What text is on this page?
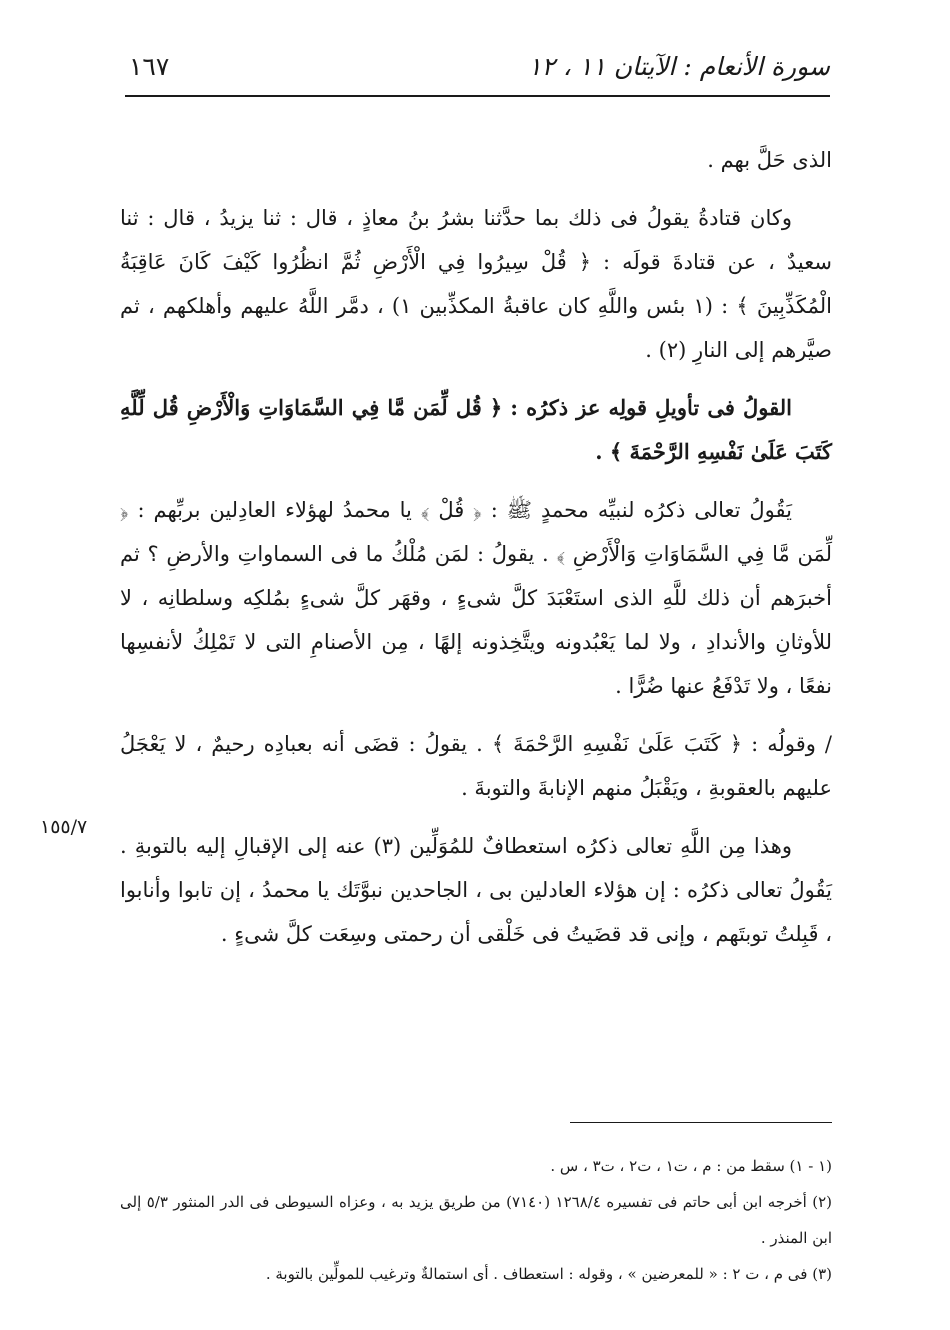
سورة الأنعام : الآيتان ١١ ، ١٢
١٦٧

الذى حَلَّ بهم .

وكان قتادةُ يقولُ فى ذلك بما حدَّثنا بشرُ بنُ معاذٍ ، قال : ثنا يزيدُ ، قال : ثنا سعيدٌ ، عن قتادةَ قولَه : ﴿ قُلْ سِيرُوا فِي الْأَرْضِ ثُمَّ انظُرُوا كَيْفَ كَانَ عَاقِبَةُ الْمُكَذِّبِينَ ﴾ : (١ بئس واللَّهِ كان عاقبةُ المكذِّبين ١) ، دمَّر اللَّهُ عليهم وأهلكهم ، ثم صيَّرهم إلى النارِ (٢) .

القولُ فى تأويلِ قولِه عز ذكرُه : ﴿ قُل لِّمَن مَّا فِي السَّمَاوَاتِ وَالْأَرْضِ قُل لِّلَّهِ كَتَبَ عَلَىٰ نَفْسِهِ الرَّحْمَةَ ﴾ .

يَقُولُ تعالى ذكرُه لنبيِّه محمدٍ ﷺ : ﴿ قُلْ ﴾ يا محمدُ لهؤلاء العادِلين بربِّهم : ﴿ لِّمَن مَّا فِي السَّمَاوَاتِ وَالْأَرْضِ ﴾ . يقولُ : لمَن مُلْكُ ما فى السماواتِ والأرضِ ؟ ثم أخبرَهم أن ذلك للَّهِ الذى استَعْبَدَ كلَّ شىءٍ ، وقهَر كلَّ شىءٍ بمُلكِه وسلطانِه ، لا للأوثانِ والأندادِ ، ولا لما يَعْبُدونه ويتَّخِذونه إلهًا ، مِن الأصنامِ التى لا تَمْلِكُ لأنفسِها نفعًا ، ولا تَدْفَعُ عنها ضُرًّا .

/ وقولُه : ﴿ كَتَبَ عَلَىٰ نَفْسِهِ الرَّحْمَةَ ﴾ . يقولُ : قضَى أنه بعبادِه رحيمٌ ، لا يَعْجَلُ عليهم بالعقوبةِ ، ويَقْبَلُ منهم الإنابةَ والتوبةَ .

وهذا مِن اللَّهِ تعالى ذكرُه استعطافٌ للمُوَلِّين (٣) عنه إلى الإقبالِ إليه بالتوبةِ . يَقُولُ تعالى ذكرُه : إن هؤلاء العادلين بى ، الجاحدين نبوَّتَك يا محمدُ ، إن تابوا وأنابوا ، قَبِلتُ توبتَهم ، وإنى قد قضَيتُ فى خَلْقى أن رحمتى وسِعَت كلَّ شىءٍ .

١٥٥/٧

(١ - ١) سقط من : م ، ت١ ، ت٢ ، ت٣ ، س .

(٢) أخرجه ابن أبى حاتم فى تفسيره ١٢٦٨/٤ (٧١٤٠) من طريق يزيد به ، وعزاه السيوطى فى الدر المنثور ٥/٣ إلى ابن المنذر .

(٣) فى م ، ت ٢ : « للمعرضين » ، وقوله : استعطاف . أى استمالةٌ وترغيب للمولِّين بالتوبة .
